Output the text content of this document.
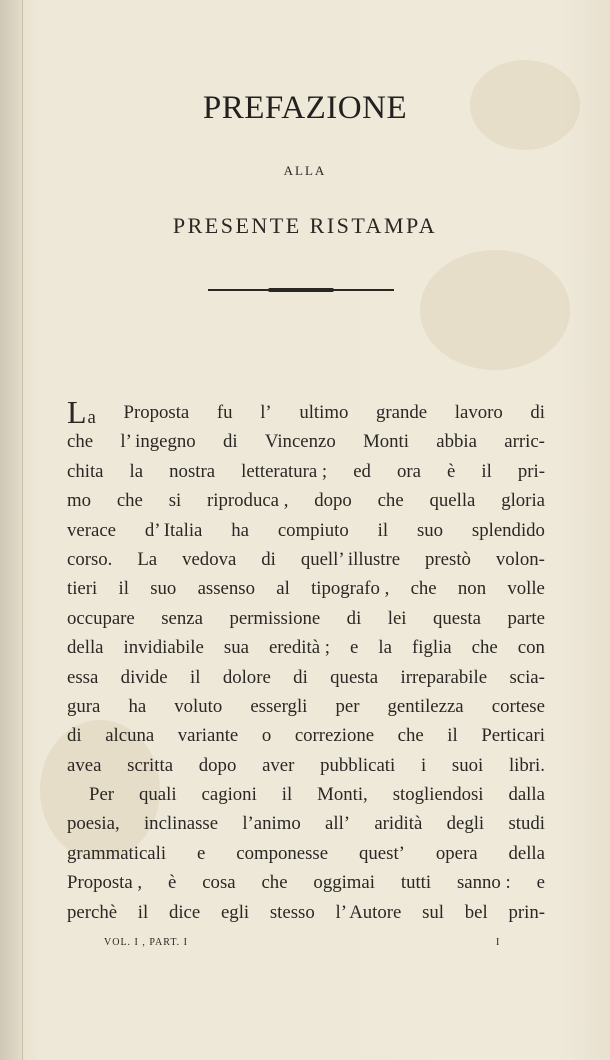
PREFAZIONE
ALLA
PRESENTE RISTAMPA
La Proposta fu l’ ultimo grande lavoro di
che l’ ingegno di Vincenzo Monti abbia arric-
chita la nostra letteratura ; ed ora è il pri-
mo che si riproduca , dopo che quella gloria
verace d’ Italia ha compiuto il suo splendido
corso. La vedova di quell’ illustre prestò volon-
tieri il suo assenso al tipografo , che non volle
occupare senza permissione di lei questa parte
della invidiabile sua eredità ; e la figlia che con
essa divide il dolore di questa irreparabile scia-
gura ha voluto essergli per gentilezza cortese
di alcuna variante o correzione che il Perticari
avea scritta dopo aver pubblicati i suoi libri.
Per quali cagioni il Monti, stogliendosi dalla
poesia, inclinasse l’animo all’ aridità degli studi
grammaticali e componesse quest’ opera della
Proposta , è cosa che oggimai tutti sanno : e
perchè il dice egli stesso l’ Autore sul bel prin-
VOL. I , PART. I	I
